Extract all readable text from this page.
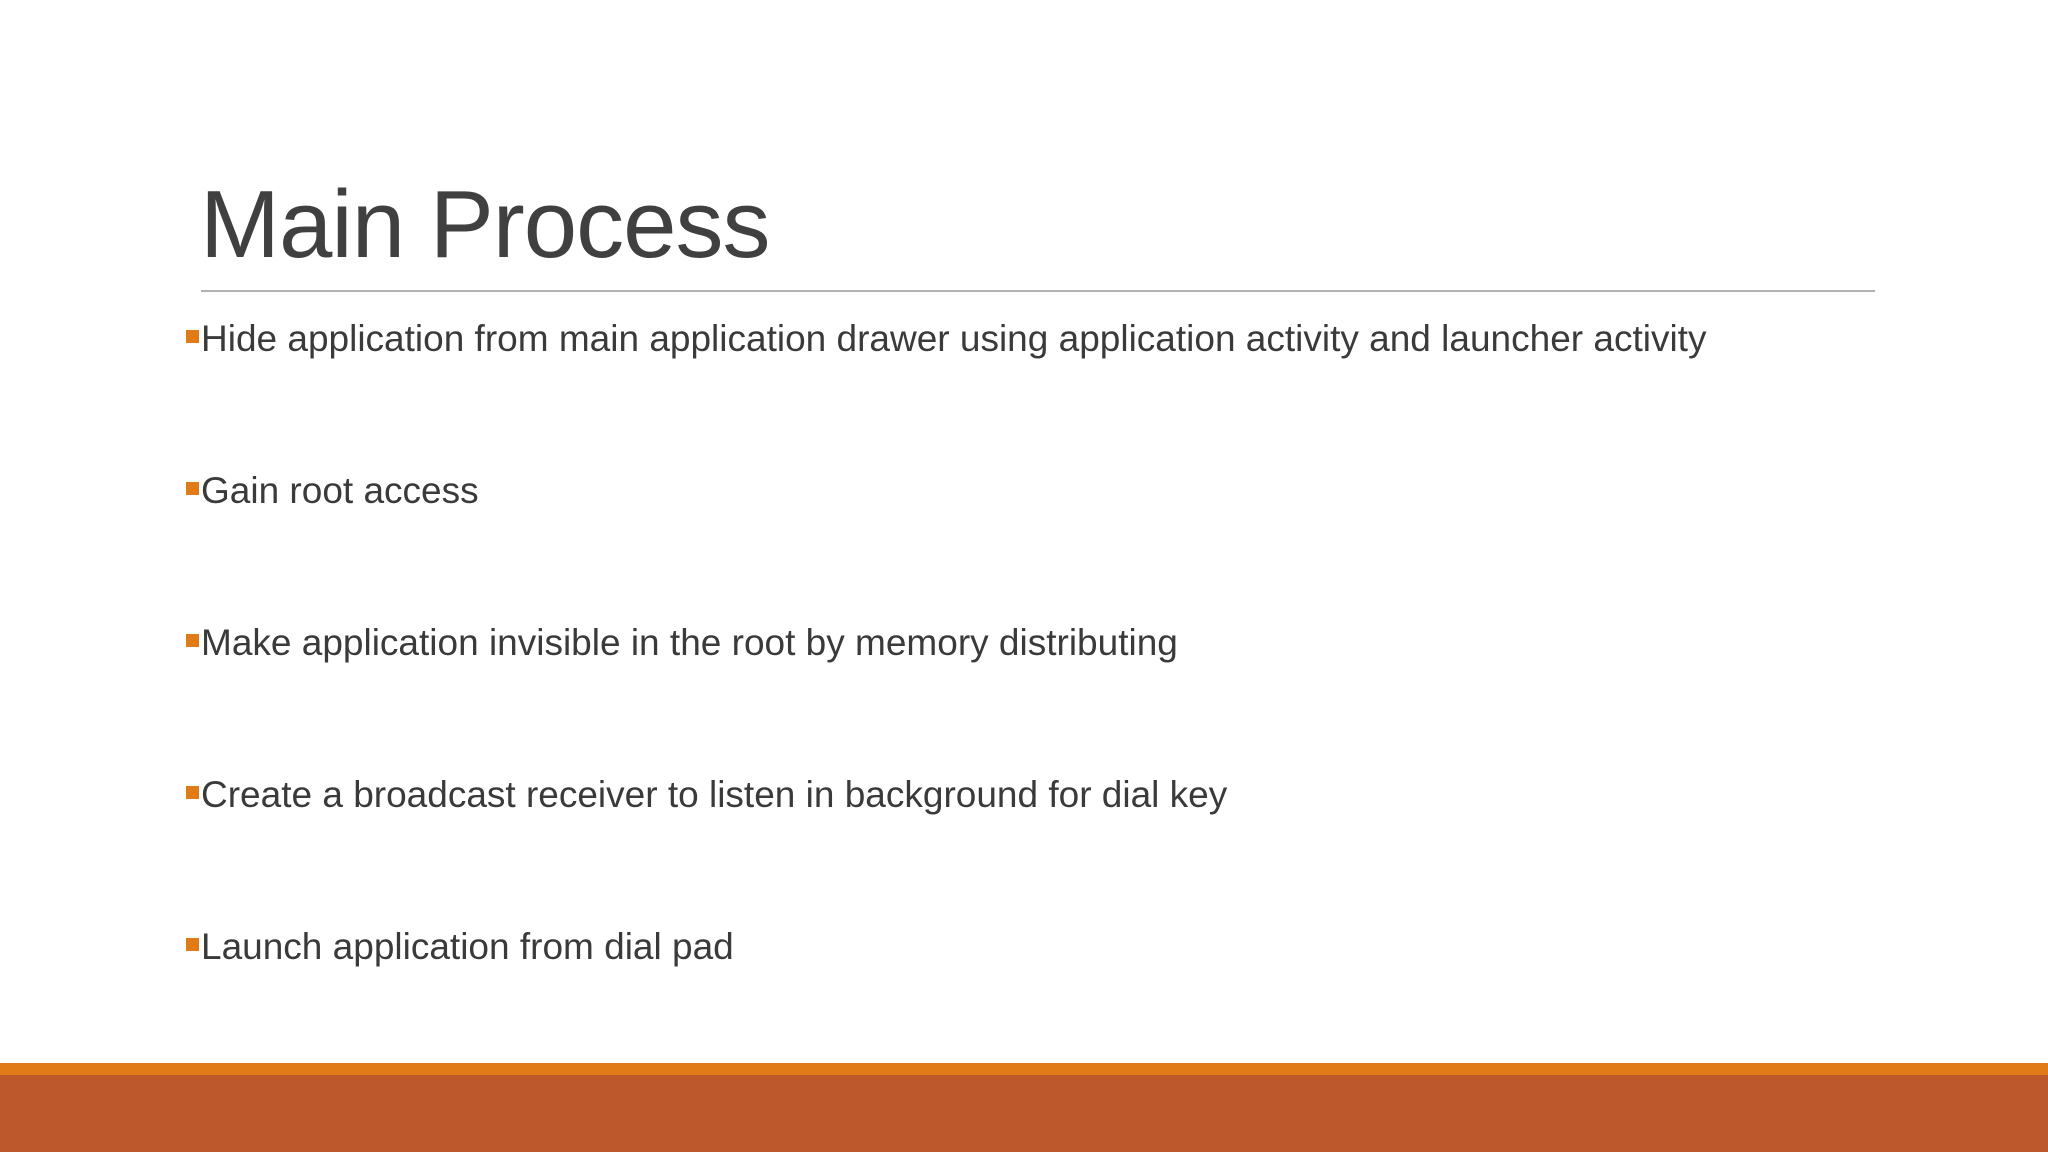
Main Process
Hide application from main application drawer using application activity and launcher activity
Gain root access
Make application invisible in the root by memory distributing
Create a broadcast receiver to listen in background for dial key
Launch application from dial pad
